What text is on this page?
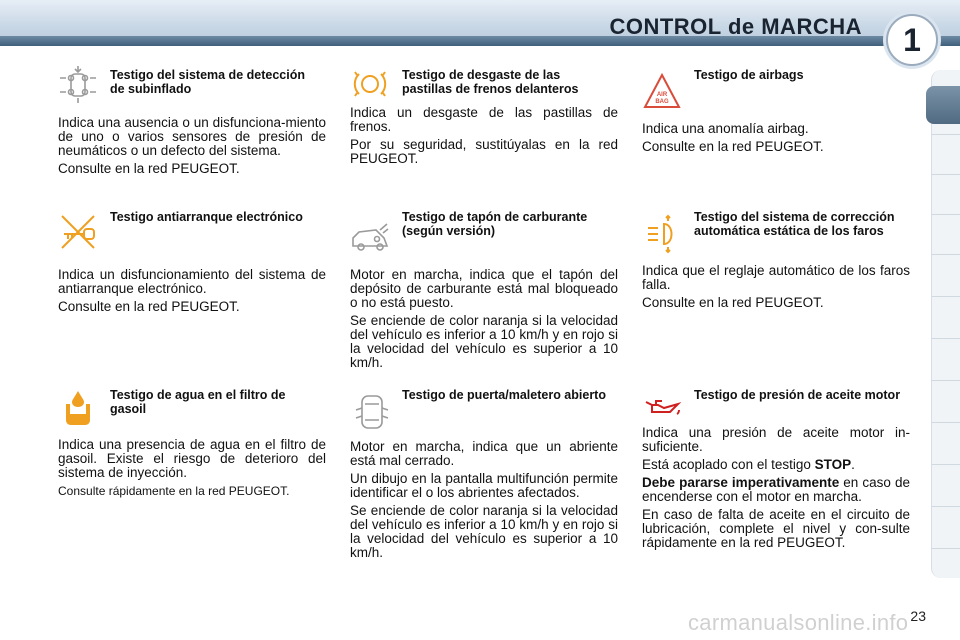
CONTROL de MARCHA	1
Testigo del sistema de detección de subinflado

Indica una ausencia o un disfunciona-miento de uno o varios sensores de presión de neumáticos o un defecto del sistema.

Consulte en la red PEUGEOT.

Testigo de desgaste de las pastillas de frenos delanteros

Indica un desgaste de las pastillas de frenos.

Por su seguridad, sustitúyalas en la red PEUGEOT.

AIR
BAG
Testigo de airbags

Indica una anomalía airbag.

Consulte en la red PEUGEOT.

Testigo antiarranque electrónico

Indica un disfuncionamiento del sistema de antiarranque electrónico.

Consulte en la red PEUGEOT.

Testigo de tapón de carburante (según versión)

Motor en marcha, indica que el tapón del depósito de carburante está mal bloqueado o no está puesto.

Se enciende de color naranja si la velocidad del vehículo es inferior a 10 km/h y en rojo si la velocidad del vehículo es superior a 10 km/h.

Testigo del sistema de corrección automática estática de los faros

Indica que el reglaje automático de los faros falla.

Consulte en la red PEUGEOT.

Testigo de agua en el filtro de gasoil

Indica una presencia de agua en el filtro de gasoil. Existe el riesgo de deterioro del sistema de inyección.

Consulte rápidamente en la red PEUGEOT.

Testigo de puerta/maletero abierto

Motor en marcha, indica que un abriente está mal cerrado.

Un dibujo en la pantalla multifunción permite identificar el o los abrientes afectados.

Se enciende de color naranja si la velocidad del vehículo es inferior a 10 km/h y en rojo si la velocidad del vehículo es superior a 10 km/h.

Testigo de presión de aceite motor

Indica una presión de aceite motor in-suficiente.

Está acoplado con el testigo STOP.

Debe pararse imperativamente en caso de encenderse con el motor en marcha.

En caso de falta de aceite en el circuito de lubricación, complete el nivel y con-sulte rápidamente en la red PEUGEOT.

23
carmanualsonline.info
